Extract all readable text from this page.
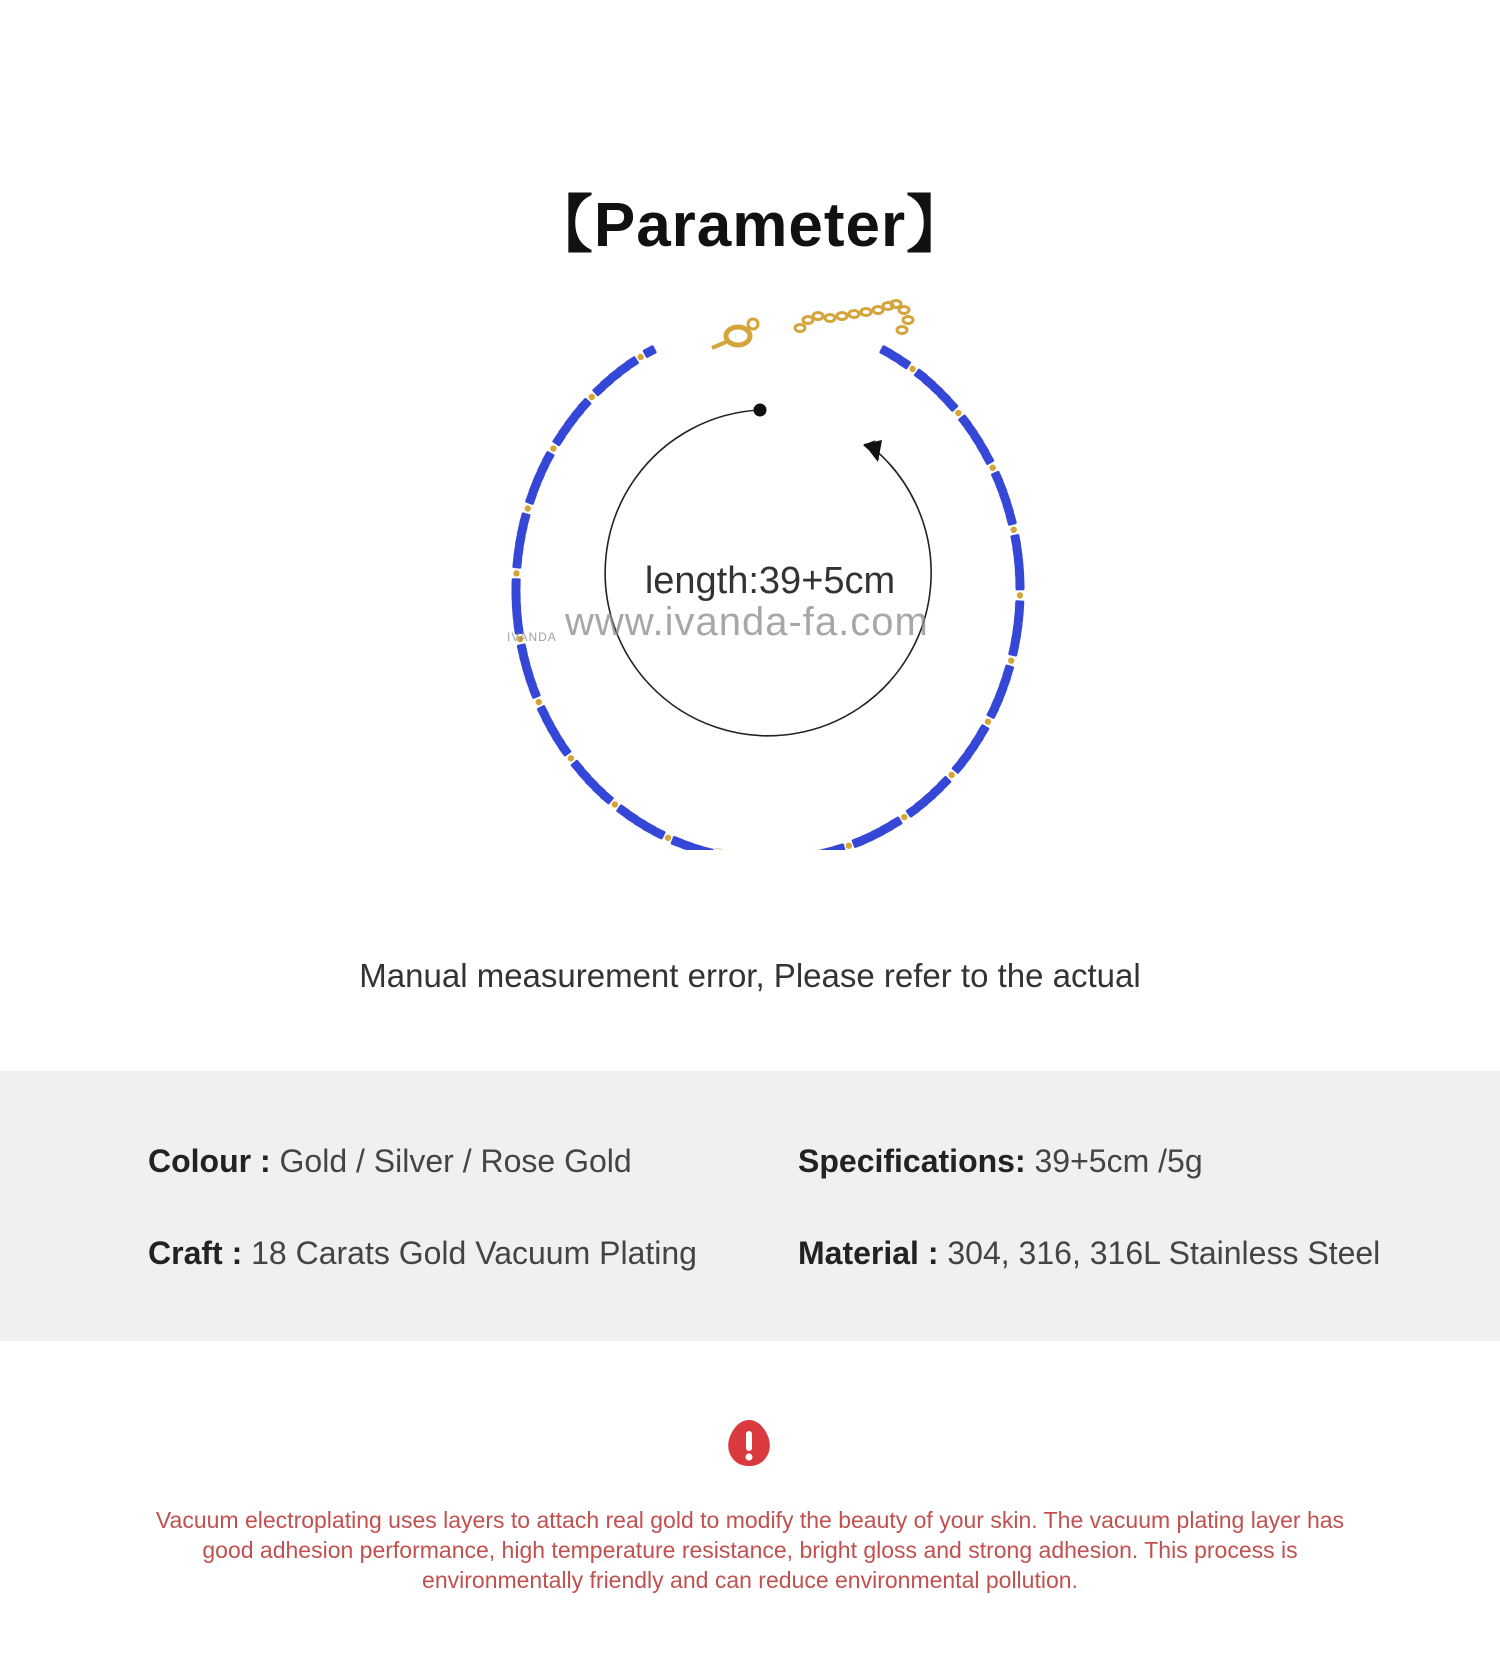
【Parameter】
length:39+5cm
www.ivanda-fa.com
IVANDA
Manual measurement error, Please refer to the actual
Colour : Gold / Silver / Rose Gold	Specifications: 39+5cm /5g
Craft : 18 Carats Gold Vacuum Plating	Material : 304, 316, 316L Stainless Steel
Vacuum electroplating uses layers to attach real gold to modify the beauty of your skin. The vacuum plating layer has good adhesion performance, high temperature resistance, bright gloss and strong adhesion. This process is environmentally friendly and can reduce environmental pollution.
